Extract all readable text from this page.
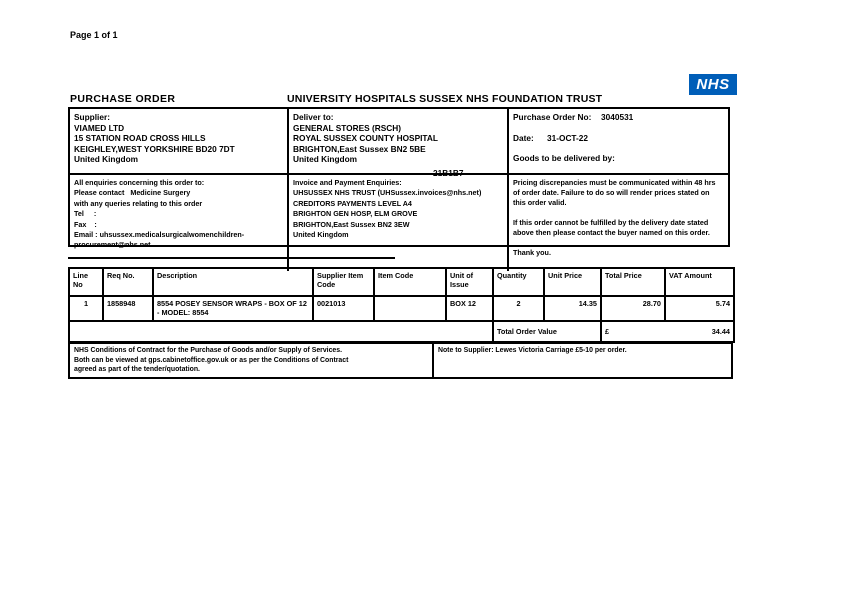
Page 1 of 1
NHS
PURCHASE ORDER	UNIVERSITY HOSPITALS SUSSEX NHS FOUNDATION TRUST
Supplier:
VIAMED LTD
15 STATION ROAD CROSS HILLS
KEIGHLEY,WEST YORKSHIRE BD20 7DT
United Kingdom
Deliver to:
GENERAL STORES (RSCH)
ROYAL SUSSEX COUNTY HOSPITAL
BRIGHTON,East Sussex BN2 5BE
United Kingdom
21B1B7
Purchase Order No: 3040531
Date: 31-OCT-22
Goods to be delivered by:
All enquiries concerning this order to:
Please contact   Medicine Surgery
with any queries relating to this order
Tel     :
Fax    :
Email : uhsussex.medicalsurgicalwomenchildren-
procurement@nhs.net
Invoice and Payment Enquiries:
UHSUSSEX NHS TRUST (UHSussex.invoices@nhs.net)
CREDITORS PAYMENTS LEVEL A4
BRIGHTON GEN HOSP, ELM GROVE
BRIGHTON,East Sussex BN2 3EW
United Kingdom

Pricing discrepancies must be communicated within 48 hrs of order date. Failure to do so will render prices stated on this order valid.

If this order cannot be fulfilled by the delivery date stated above then please contact the buyer named on this order.

Thank you.

Line No	Req No.	Description	Supplier Item Code	Item Code	Unit of Issue	Quantity	Unit Price	Total Price	VAT Amount
1	1858948	8554 POSEY SENSOR WRAPS - BOX OF 12 - MODEL: 8554	0021013		BOX 12	2	14.35	28.70	5.74
						Total Order Value		£ 34.44	
NHS Conditions of Contract for the Purchase of Goods and/or Supply of Services.
Both can be viewed at gps.cabinetoffice.gov.uk or as per the Conditions of Contract
agreed as part of the tender/quotation.
Note to Supplier: Lewes Victoria Carriage £5-10 per order.
